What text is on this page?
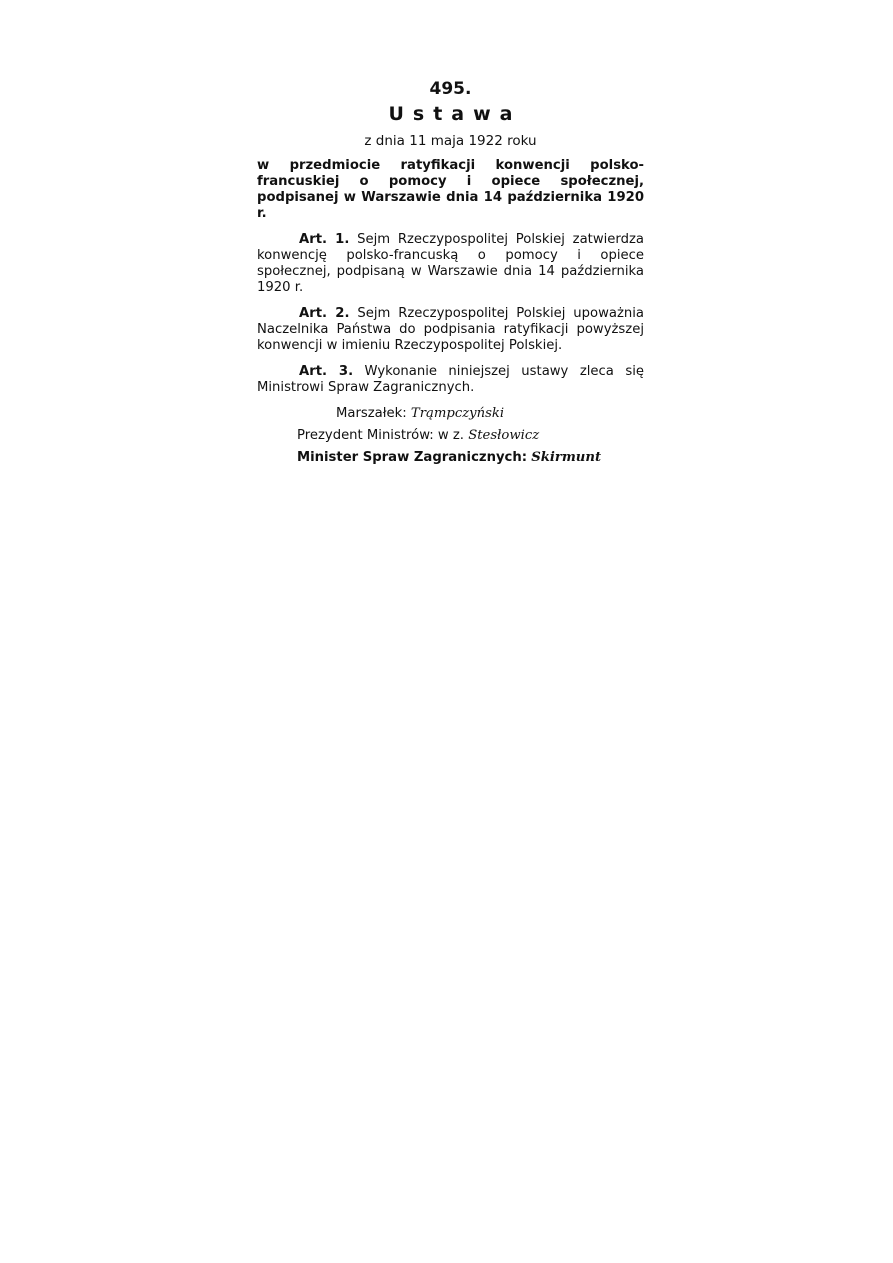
495.
Ustawa
z dnia 11 maja 1922 roku
w przedmiocie ratyfikacji konwencji polsko-francuskiej o pomocy i opiece społecznej, podpisanej w Warszawie dnia 14 października 1920 r.
Art. 1. Sejm Rzeczypospolitej Polskiej zatwierdza konwencję polsko-francuską o pomocy i opiece społecznej, podpisaną w Warszawie dnia 14 października 1920 r.
Art. 2. Sejm Rzeczypospolitej Polskiej upoważnia Naczelnika Państwa do podpisania ratyfikacji powyższej konwencji w imieniu Rzeczypospolitej Polskiej.
Art. 3. Wykonanie niniejszej ustawy zleca się Ministrowi Spraw Zagranicznych.
Marszałek: Trąmpczyński
Prezydent Ministrów: w z. Stesłowicz
Minister Spraw Zagranicznych: Skirmunt
